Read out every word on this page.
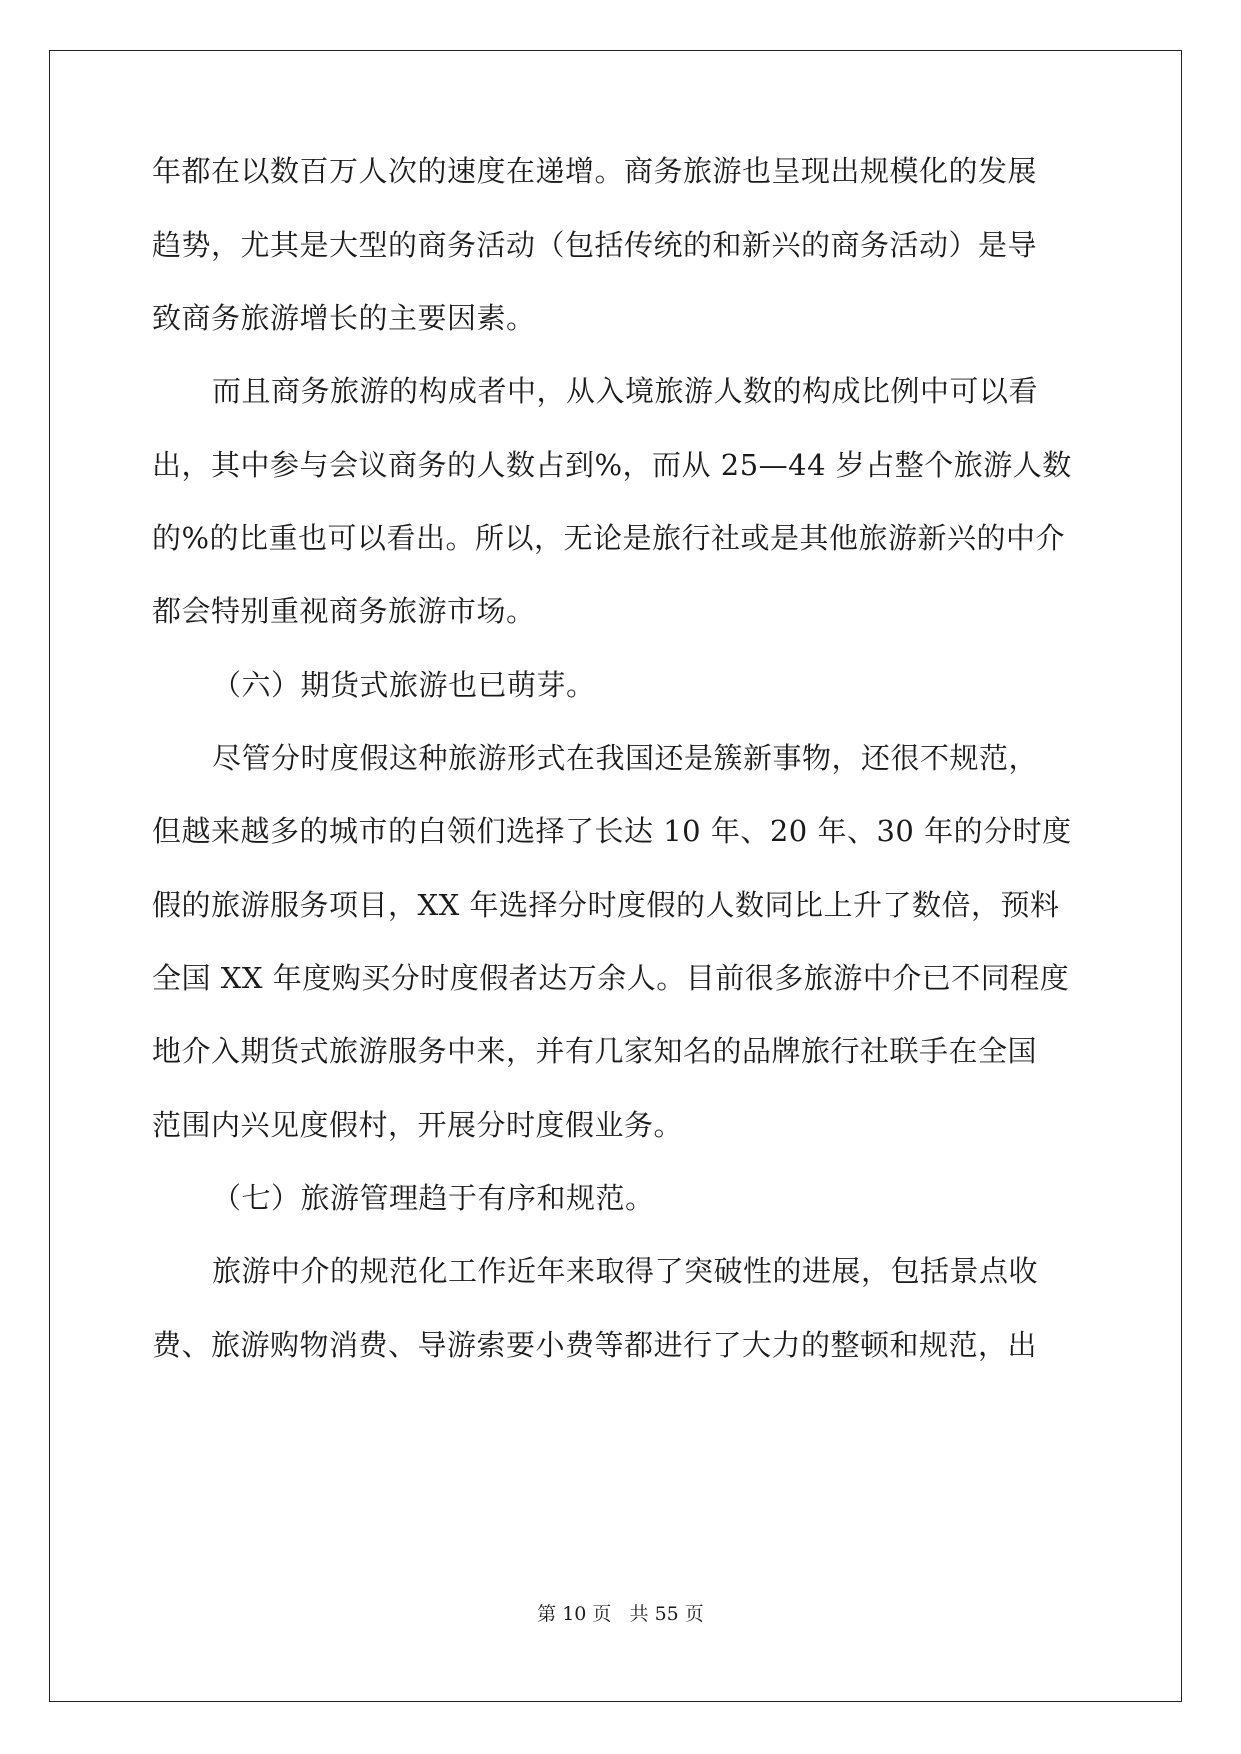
年都在以数百万人次的速度在递增。商务旅游也呈现出规模化的发展
趋势，尤其是大型的商务活动（包括传统的和新兴的商务活动）是导
致商务旅游增长的主要因素。
而且商务旅游的构成者中，从入境旅游人数的构成比例中可以看
出，其中参与会议商务的人数占到%，而从 25—44 岁占整个旅游人数
的%的比重也可以看出。所以，无论是旅行社或是其他旅游新兴的中介
都会特别重视商务旅游市场。
（六）期货式旅游也已萌芽。
尽管分时度假这种旅游形式在我国还是簇新事物，还很不规范，
但越来越多的城市的白领们选择了长达 10 年、20 年、30 年的分时度
假的旅游服务项目，XX 年选择分时度假的人数同比上升了数倍，预料
全国 XX 年度购买分时度假者达万余人。目前很多旅游中介已不同程度
地介入期货式旅游服务中来，并有几家知名的品牌旅行社联手在全国
范围内兴见度假村，开展分时度假业务。
（七）旅游管理趋于有序和规范。
旅游中介的规范化工作近年来取得了突破性的进展，包括景点收
费、旅游购物消费、导游索要小费等都进行了大力的整顿和规范，出
第 10 页   共 55 页
